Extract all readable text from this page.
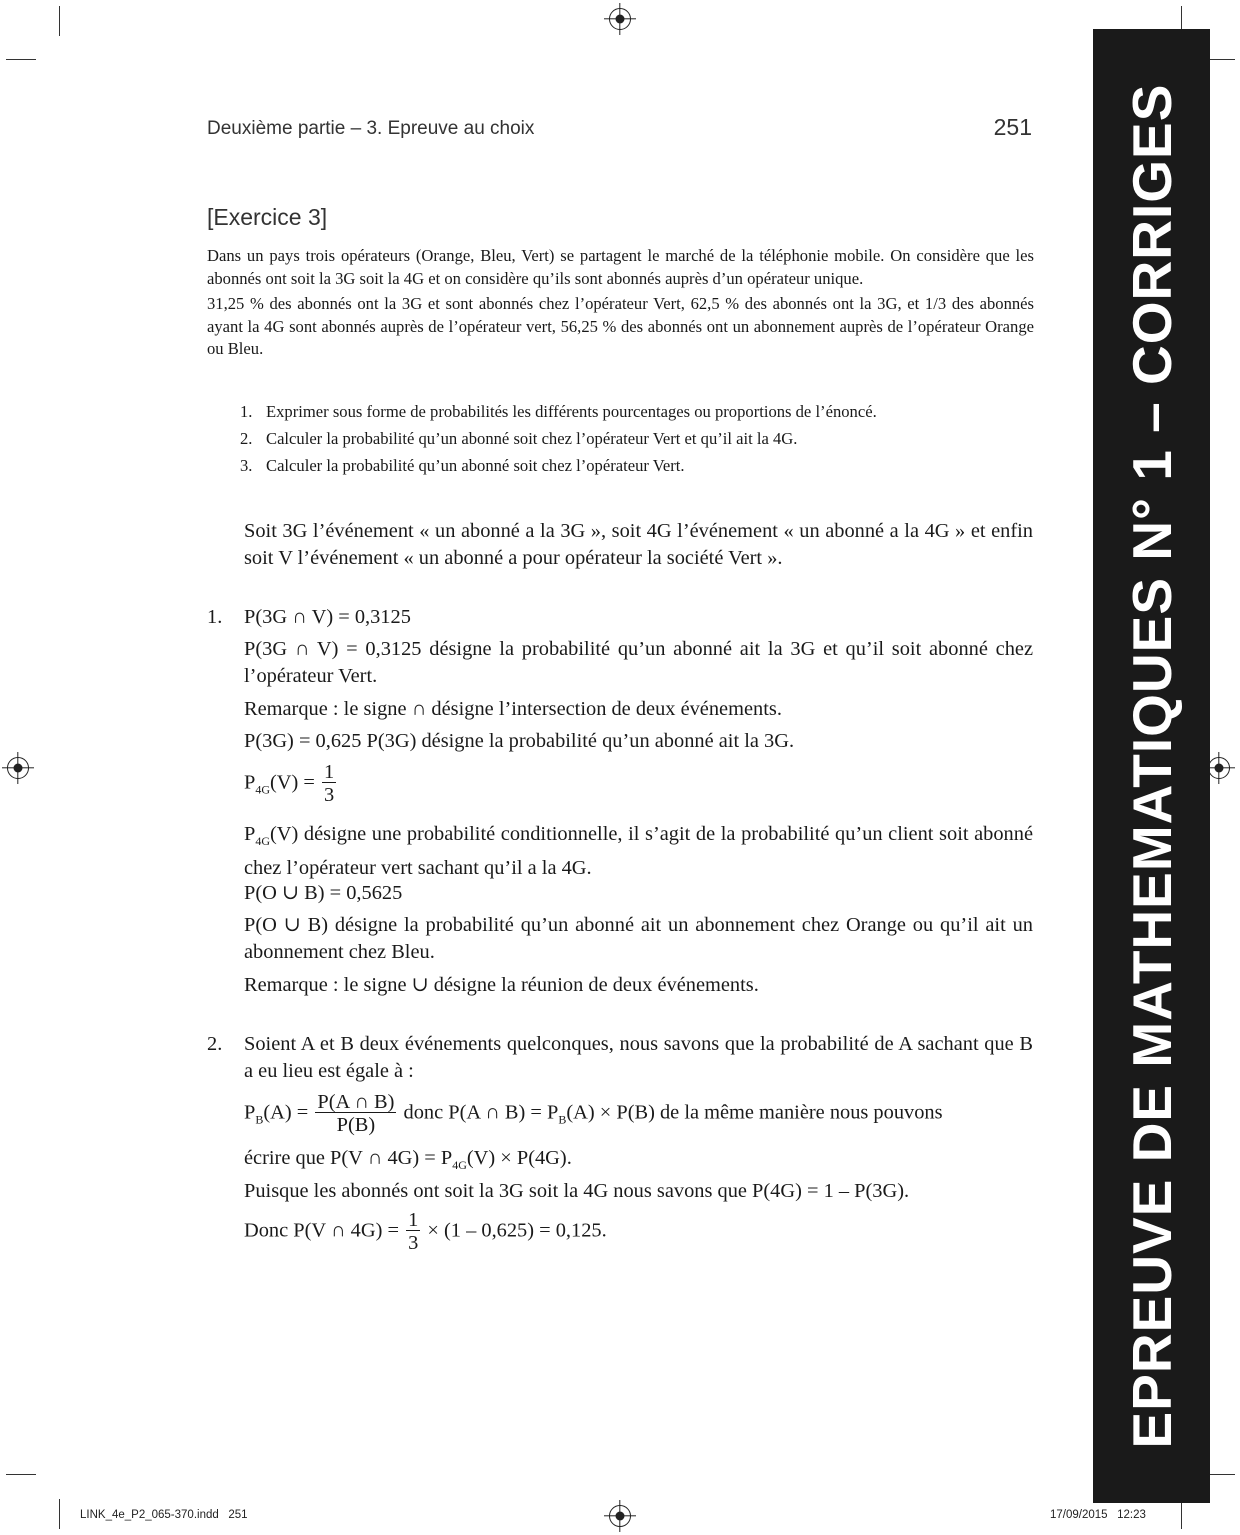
Deuxième partie – 3. Epreuve au choix	251
[Exercice 3]

Dans un pays trois opérateurs (Orange, Bleu, Vert) se partagent le marché de la téléphonie mobile. On considère que les abonnés ont soit la 3G soit la 4G et on considère qu’ils sont abonnés auprès d’un opérateur unique.

31,25 % des abonnés ont la 3G et sont abonnés chez l’opérateur Vert, 62,5 % des abonnés ont la 3G, et 1/3 des abonnés ayant la 4G sont abonnés auprès de l’opérateur vert, 56,25 % des abonnés ont un abonnement auprès de l’opérateur Orange ou Bleu.

1. Exprimer sous forme de probabilités les différents pourcentages ou proportions de l’énoncé.
2. Calculer la probabilité qu’un abonné soit chez l’opérateur Vert et qu’il ait la 4G.
3. Calculer la probabilité qu’un abonné soit chez l’opérateur Vert.
Soit 3G l’événement « un abonné a la 3G », soit 4G l’événement « un abonné a la 4G » et enfin soit V l’événement « un abonné a pour opérateur la société Vert ».
1. P(3G ∩ V) = 0,3125
P(3G ∩ V) = 0,3125 désigne la probabilité qu’un abonné ait la 3G et qu’il soit abonné chez l’opérateur Vert.
Remarque : le signe ∩ désigne l’intersection de deux événements.
P(3G) = 0,625 P(3G) désigne la probabilité qu’un abonné ait la 3G.
$P_{4G}(V) = \frac{1}{3}$
$P_{4G}(V)$ désigne une probabilité conditionnelle, il s’agit de la probabilité qu’un client soit abonné chez l’opérateur vert sachant qu’il a la 4G.
P(O ∪ B) = 0,5625
P(O ∪ B) désigne la probabilité qu’un abonné ait un abonnement chez Orange ou qu’il ait un abonnement chez Bleu.
Remarque : le signe ∪ désigne la réunion de deux événements.
2. Soient A et B deux événements quelconques, nous savons que la probabilité de A sachant que B a eu lieu est égale à :
$P_B(A) = \frac{P(A \cap B)}{P(B)}$ donc P(A ∩ $B) = P_B(A) \times P(B)$ de la même manière nous pouvons
écrire que P(V ∩ $4G) = P_{4G}(V) \times P(4G)$.
Puisque les abonnés ont soit la 3G soit la 4G nous savons que P(4G) = 1 – P(3G).
Donc P(V ∩ $4G) = \frac{1}{3} \times (1 - 0,625) = 0,125$.	EPREUVE DE MATHEMATIQUES N° 1 – CORRIGES
LINK_4e_P2_065-370.indd   251	17/09/2015   12:23
